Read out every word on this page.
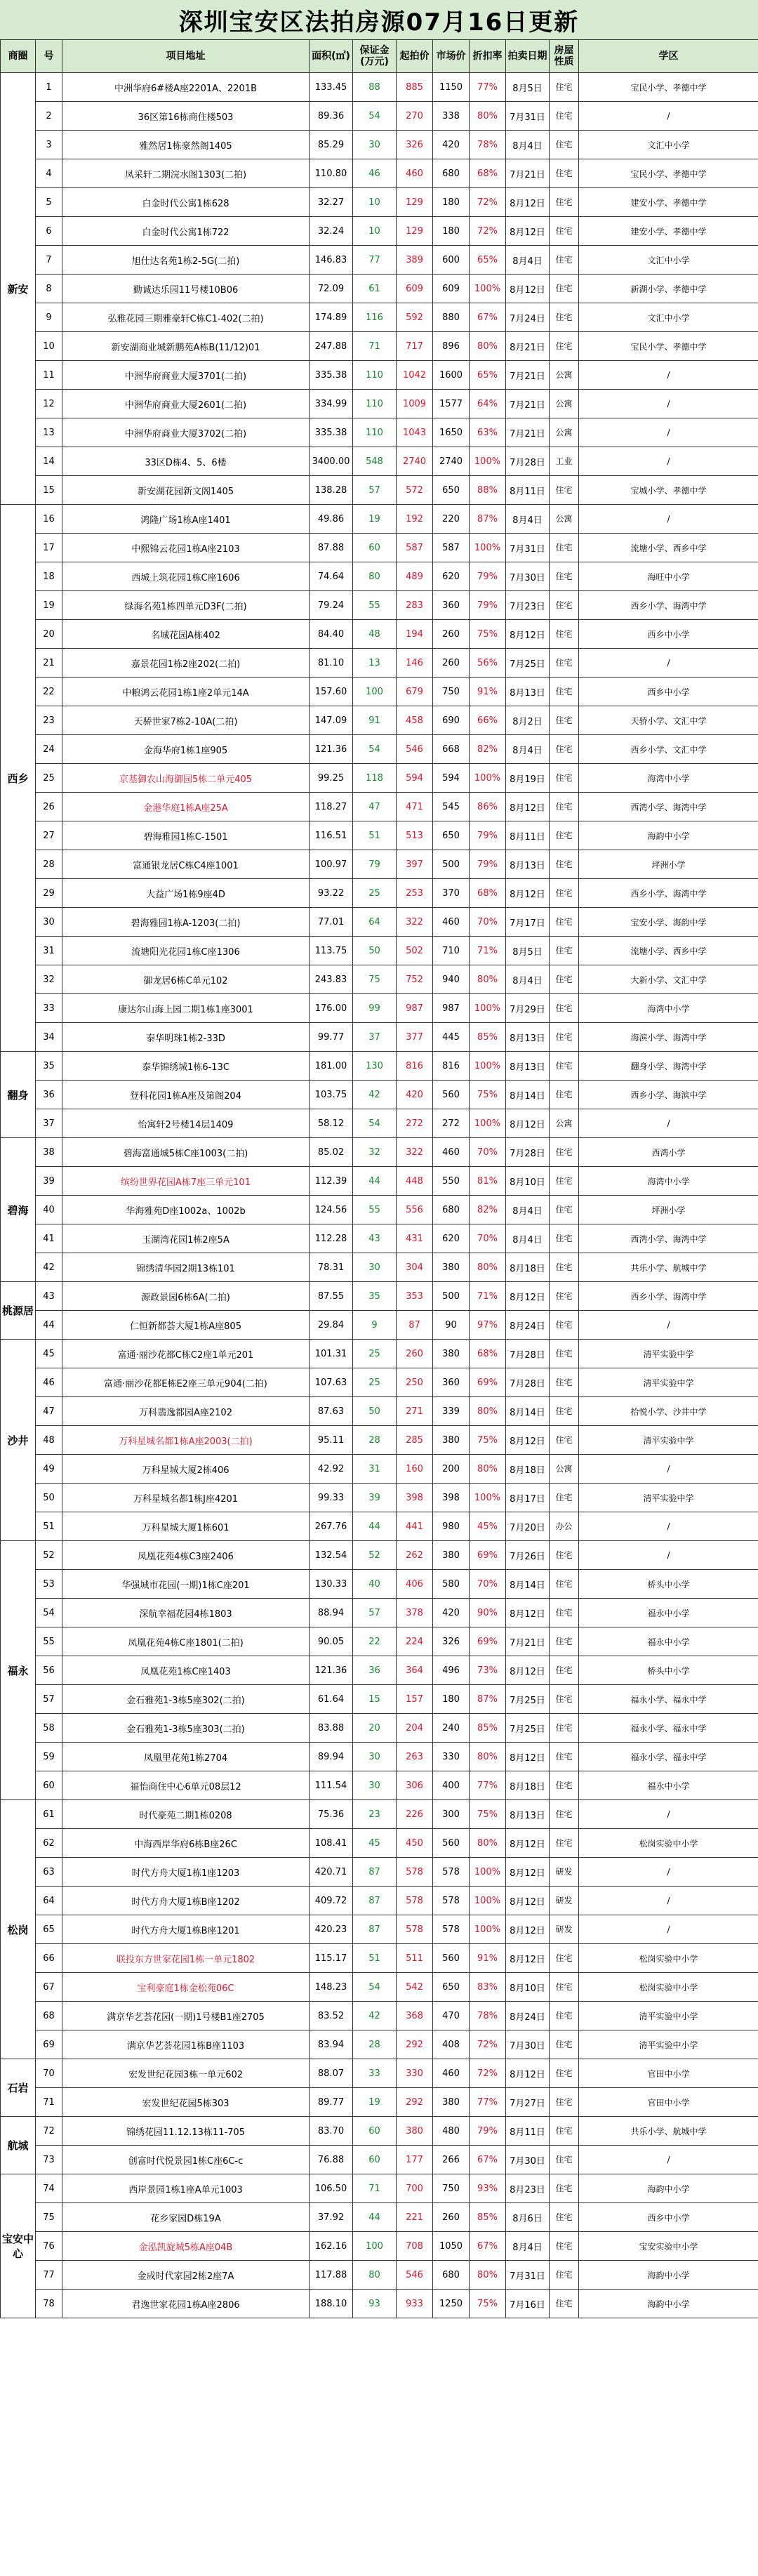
深圳宝安区法拍房源07月16日更新
商圈	号	项目地址	面积(㎡)	保证金(万元)	起拍价	市场价	折扣率	拍卖日期	房屋性质	学区
新安	1	中洲华府6#楼A座2201A、2201B	133.45	88	885	1150	77%	8月5日	住宅	宝民小学、孝德中学
	2	36区第16栋商住楼503	89.36	54	270	338	80%	7月31日	住宅	/
	3	雅然居1栋豪然阁1405	85.29	30	326	420	78%	8月4日	住宅	文汇中小学
	4	凤采轩二期浣水阁1303(二拍)	110.80	46	460	680	68%	7月21日	住宅	宝民小学、孝德中学
	5	白金时代公寓1栋628	32.27	10	129	180	72%	8月12日	住宅	建安小学、孝德中学
	6	白金时代公寓1栋722	32.24	10	129	180	72%	8月12日	住宅	建安小学、孝德中学
	7	旭仕达名苑1栋2-5G(二拍)	146.83	77	389	600	65%	8月4日	住宅	文汇中小学
	8	勤诚达乐园11号楼10B06	72.09	61	609	609	100%	8月12日	住宅	新湖小学、孝德中学
	9	弘雅花园三期雅豪轩C栋C1-402(二拍)	174.89	116	592	880	67%	7月24日	住宅	文汇中小学
	10	新安湖商业城新鹏苑A栋B(11/12)01	247.88	71	717	896	80%	8月21日	住宅	宝民小学、孝德中学
	11	中洲华府商业大厦3701(二拍)	335.38	110	1042	1600	65%	7月21日	公寓	/
	12	中洲华府商业大厦2601(二拍)	334.99	110	1009	1577	64%	7月21日	公寓	/
	13	中洲华府商业大厦3702(二拍)	335.38	110	1043	1650	63%	7月21日	公寓	/
	14	33区D栋4、5、6楼	3400.00	548	2740	2740	100%	7月28日	工业	/
	15	新安湖花园新文阁1405	138.28	57	572	650	88%	8月11日	住宅	宝城小学、孝德中学
西乡	16	鸿隆广场1栋A座1401	49.86	19	192	220	87%	8月4日	公寓	/
	17	中熙锦云花园1栋A座2103	87.88	60	587	587	100%	7月31日	住宅	流塘小学、西乡中学
	18	西城上筑花园1栋C座1606	74.64	80	489	620	79%	7月30日	住宅	海旺中小学
	19	绿海名苑1栋四单元D3F(二拍)	79.24	55	283	360	79%	7月23日	住宅	西乡小学、海湾中学
	20	名城花园A栋402	84.40	48	194	260	75%	8月12日	住宅	西乡中小学
	21	嘉景花园1栋2座202(二拍)	81.10	13	146	260	56%	7月25日	住宅	/
	22	中粮鸿云花园1栋1座2单元14A	157.60	100	679	750	91%	8月13日	住宅	西乡中小学
	23	天骄世家7栋2-10A(二拍)	147.09	91	458	690	66%	8月2日	住宅	天骄小学、文汇中学
	24	金海华府1栋1座905	121.36	54	546	668	82%	8月4日	住宅	西乡小学、文汇中学
	25	京基御农山海御园5栋二单元405	99.25	118	594	594	100%	8月19日	住宅	海湾中小学
	26	金港华庭1栋A座25A	118.27	47	471	545	86%	8月12日	住宅	西湾小学、海湾中学
	27	碧海雅园1栋C-1501	116.51	51	513	650	79%	8月11日	住宅	海韵中小学
	28	富通银龙居C栋C4座1001	100.97	79	397	500	79%	8月13日	住宅	坪洲小学
	29	大益广场1栋9座4D	93.22	25	253	370	68%	8月12日	住宅	西乡小学、海湾中学
	30	碧海雅园1栋A-1203(二拍)	77.01	64	322	460	70%	7月17日	住宅	宝安小学、海韵中学
	31	流塘阳光花园1栋C座1306	113.75	50	502	710	71%	8月5日	住宅	流塘小学、西乡中学
	32	御龙居6栋C单元102	243.83	75	752	940	80%	8月4日	住宅	大新小学、文汇中学
	33	康达尔山海上园二期1栋1座3001	176.00	99	987	987	100%	7月29日	住宅	海湾中小学
	34	泰华明珠1栋2-33D	99.77	37	377	445	85%	8月13日	住宅	海滨小学、海湾中学
翻身	35	泰华锦绣城1栋6-13C	181.00	130	816	816	100%	8月13日	住宅	翻身小学、海湾中学
	36	登科花园1栋A座及第阁204	103.75	42	420	560	75%	8月14日	住宅	西乡小学、海滨中学
	37	怡寓轩2号楼14层1409	58.12	54	272	272	100%	8月12日	公寓	/
碧海	38	碧海富通城5栋C座1003(二拍)	85.02	32	322	460	70%	7月28日	住宅	西湾小学
	39	缤纷世界花园A栋7座三单元101	112.39	44	448	550	81%	8月10日	住宅	海湾中小学
	40	华海雅苑D座1002a、1002b	124.56	55	556	680	82%	8月4日	住宅	坪洲小学
	41	玉湖湾花园1栋2座5A	112.28	43	431	620	70%	8月4日	住宅	西湾小学、海湾中学
	42	锦绣清华园2期13栋101	78.31	30	304	380	80%	8月18日	住宅	共乐小学、航城中学
桃源居	43	源政景园6栋6A(二拍)	87.55	35	353	500	71%	8月12日	住宅	西乡小学、海湾中学
	44	仁恒新都荟大厦1栋A座805	29.84	9	87	90	97%	8月24日	住宅	/
沙井	45	富通·丽沙花都C栋C2座1单元201	101.31	25	260	380	68%	7月28日	住宅	清平实验中学
	46	富通·丽沙花都E栋E2座三单元904(二拍)	107.63	25	250	360	69%	7月28日	住宅	清平实验中学
	47	万科翡逸都园A座2102	87.63	50	271	339	80%	8月14日	住宅	拾悦小学、沙井中学
	48	万科星城名都1栋A座2003(二拍)	95.11	28	285	380	75%	8月12日	住宅	清平实验中学
	49	万科星城大厦2栋406	42.92	31	160	200	80%	8月18日	公寓	/
	50	万科星城名都1栋J座4201	99.33	39	398	398	100%	8月17日	住宅	清平实验中学
	51	万科星城大厦1栋601	267.76	44	441	980	45%	7月20日	办公	/
福永	52	凤凰花苑4栋C3座2406	132.54	52	262	380	69%	7月26日	住宅	/
	53	华强城市花园(一期)1栋C座201	130.33	40	406	580	70%	8月14日	住宅	桥头中小学
	54	深航幸福花园4栋1803	88.94	57	378	420	90%	8月12日	住宅	福永中小学
	55	凤凰花苑4栋C座1801(二拍)	90.05	22	224	326	69%	7月21日	住宅	福永中小学
	56	凤凰花苑1栋C座1403	121.36	36	364	496	73%	8月12日	住宅	桥头中小学
	57	金石雅苑1-3栋5座302(二拍)	61.64	15	157	180	87%	7月25日	住宅	福永小学、福永中学
	58	金石雅苑1-3栋5座303(二拍)	83.88	20	204	240	85%	7月25日	住宅	福永小学、福永中学
	59	凤凰里花苑1栋2704	89.94	30	263	330	80%	8月12日	住宅	福永小学、福永中学
	60	福怡商住中心6单元08层12	111.54	30	306	400	77%	8月18日	住宅	福永中小学
松岗	61	时代豪苑二期1栋0208	75.36	23	226	300	75%	8月13日	住宅	/
	62	中海西岸华府6栋B座26C	108.41	45	450	560	80%	8月12日	住宅	松岗实验中小学
	63	时代方舟大厦1栋1座1203	420.71	87	578	578	100%	8月12日	研发	/
	64	时代方舟大厦1栋B座1202	409.72	87	578	578	100%	8月12日	研发	/
	65	时代方舟大厦1栋B座1201	420.23	87	578	578	100%	8月12日	研发	/
	66	联投东方世家花园1栋一单元1802	115.17	51	511	560	91%	8月12日	住宅	松岗实验中小学
	67	宝利豪庭1栋金松苑06C	148.23	54	542	650	83%	8月10日	住宅	松岗实验中小学
	68	满京华艺荟花园(一期)1号楼B1座2705	83.52	42	368	470	78%	8月24日	住宅	清平实验中小学
	69	满京华艺荟花园1栋B座1103	83.94	28	292	408	72%	7月30日	住宅	清平实验中小学
石岩	70	宏发世纪花园3栋一单元602	88.07	33	330	460	72%	8月12日	住宅	官田中小学
	71	宏发世纪花园5栋303	89.77	19	292	380	77%	7月27日	住宅	官田中小学
航城	72	锦绣花园11.12.13栋11-705	83.70	60	380	480	79%	8月11日	住宅	共乐小学、航城中学
	73	创富时代悦景园1栋C座6C-c	76.88	60	177	266	67%	7月30日	住宅	/
宝安中心	74	西岸景园1栋1座A单元1003	106.50	71	700	750	93%	8月23日	住宅	海韵中小学
	75	花乡家园D栋19A	37.92	44	221	260	85%	8月6日	住宅	西乡中小学
	76	金泓凯旋城5栋A座04B	162.16	100	708	1050	67%	8月4日	住宅	宝安实验中小学
	77	金成时代家园2栋2座7A	117.88	80	546	680	80%	7月31日	住宅	海韵中小学
	78	君逸世家花园1栋A座2806	188.10	93	933	1250	75%	7月16日	住宅	海韵中小学
